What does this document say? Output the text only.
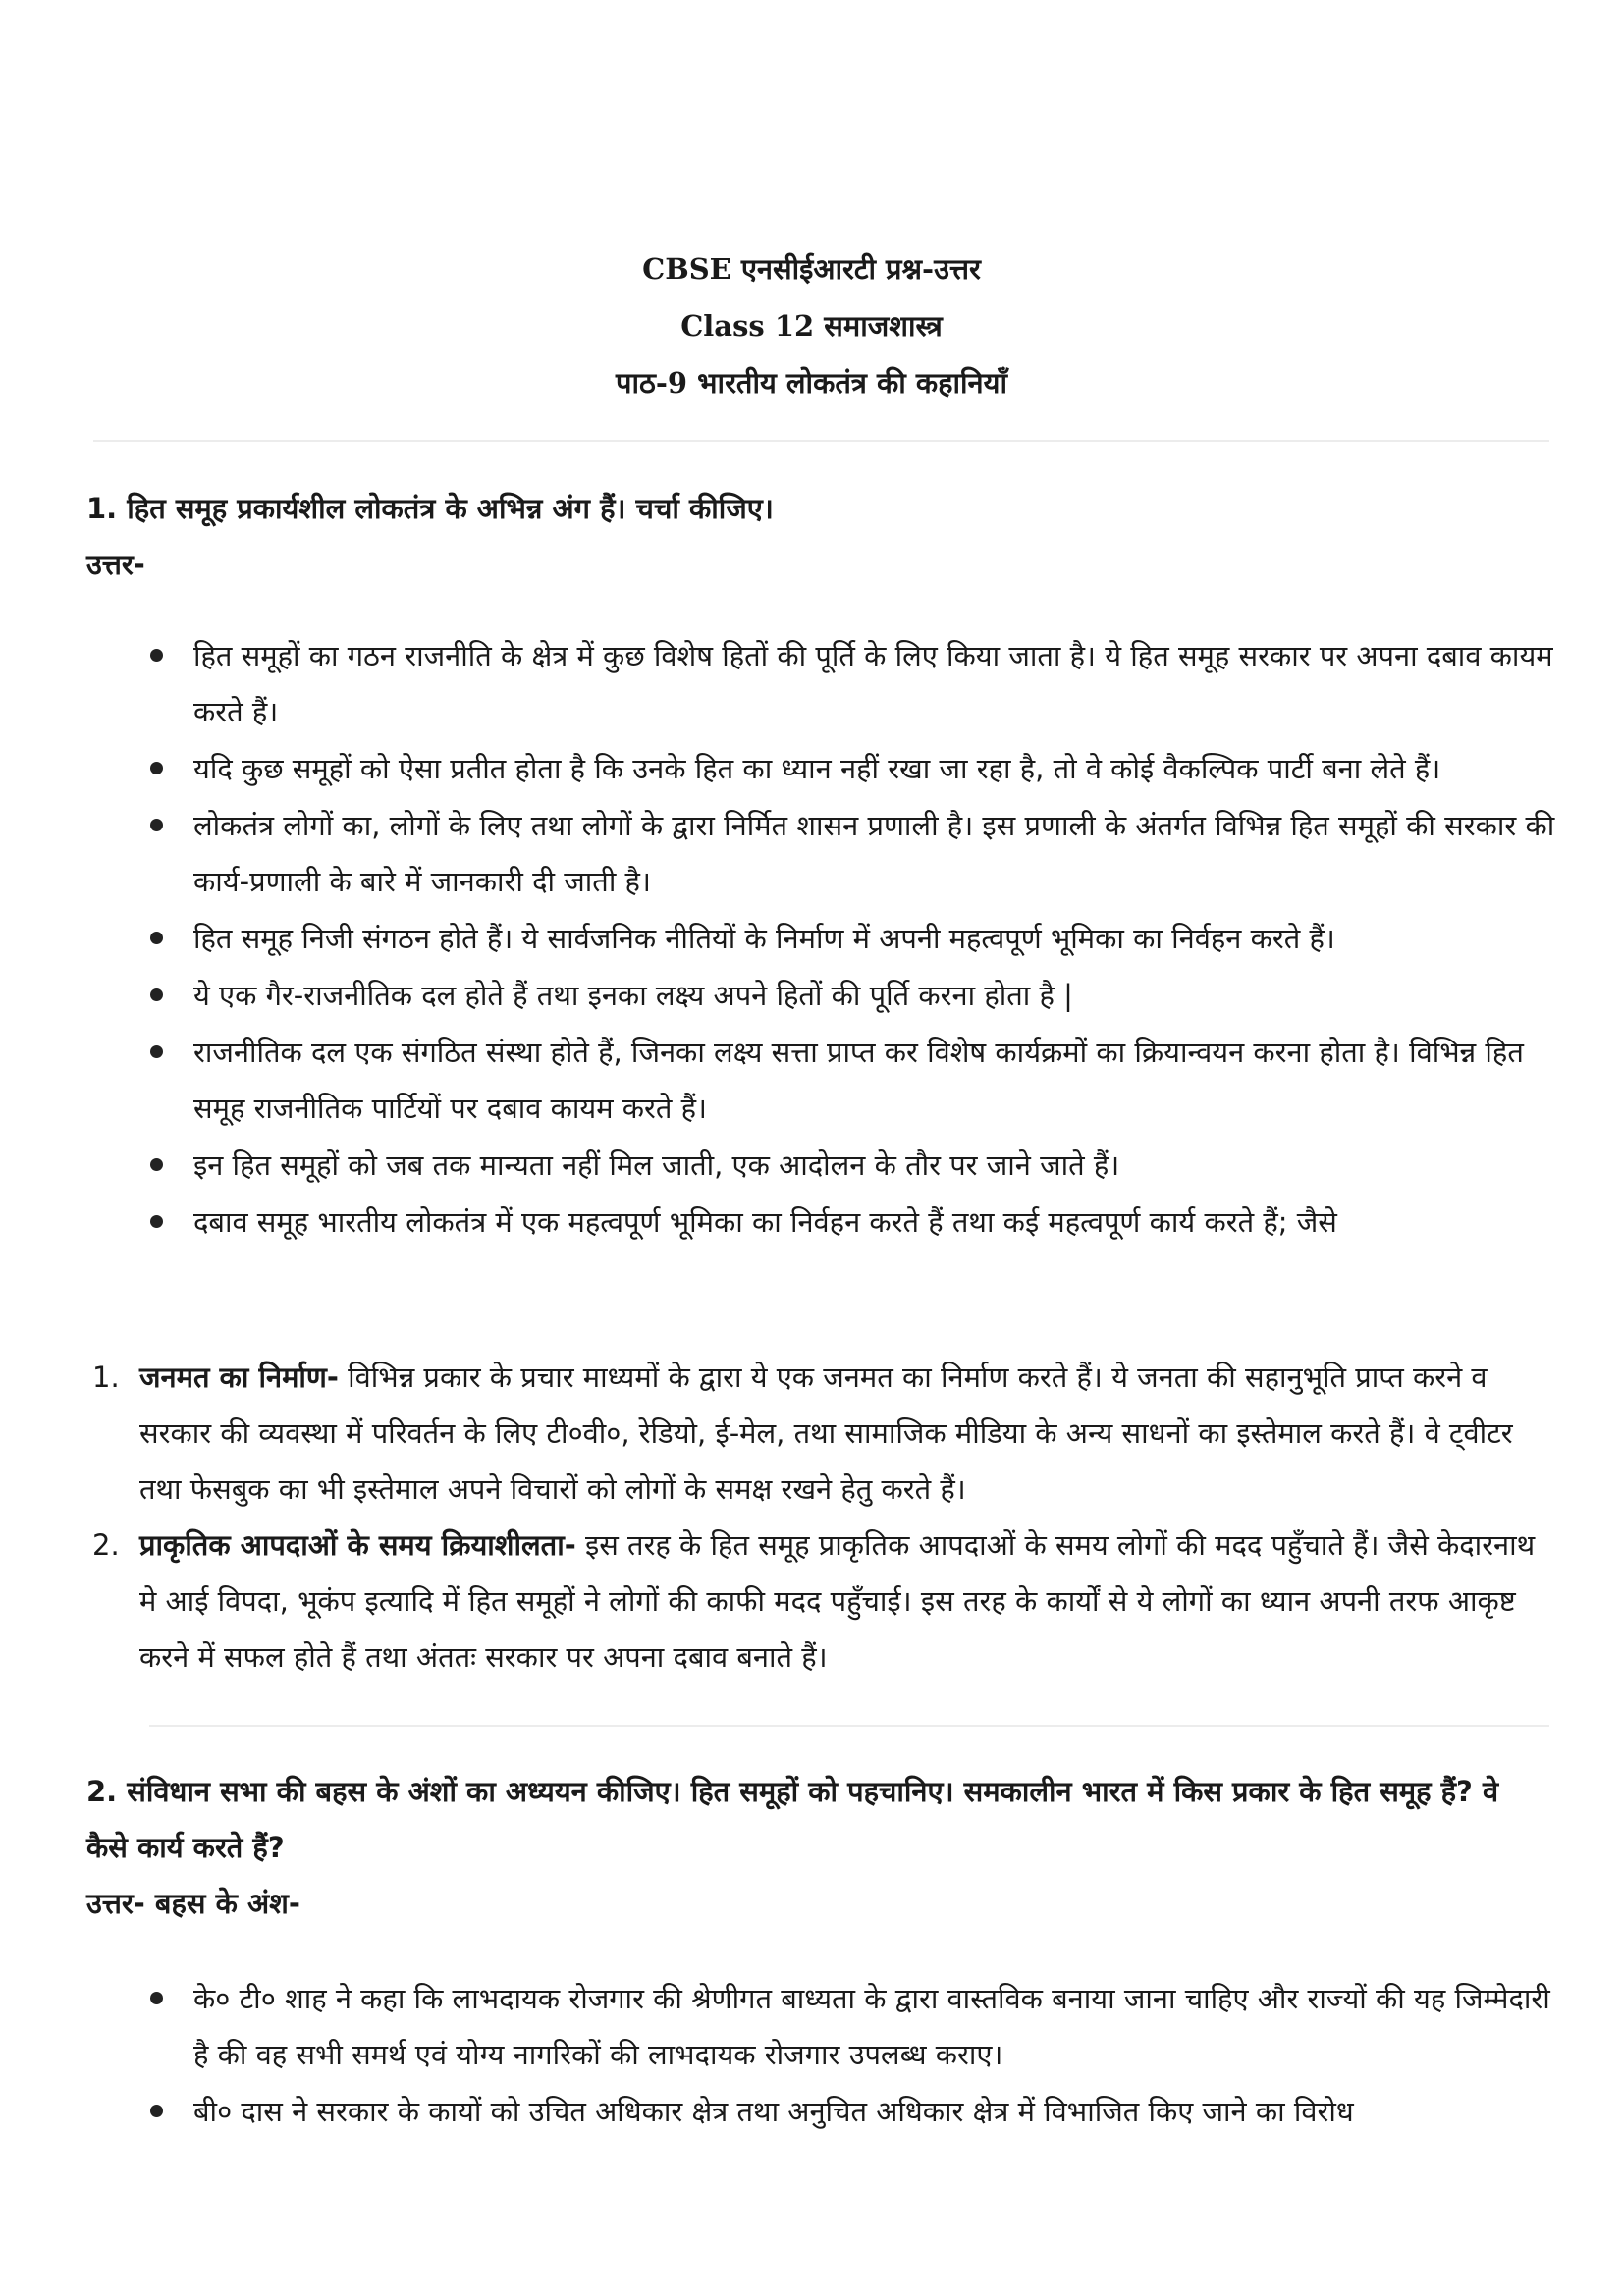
CBSE एनसीईआरटी प्रश्न-उत्तर
Class 12 समाजशास्त्र
पाठ-9 भारतीय लोकतंत्र की कहानियाँ
1. हित समूह प्रकार्यशील लोकतंत्र के अभिन्न अंग हैं। चर्चा कीजिए।
उत्तर-
हित समूहों का गठन राजनीति के क्षेत्र में कुछ विशेष हितों की पूर्ति के लिए किया जाता है। ये हित समूह सरकार पर अपना दबाव कायम करते हैं।
यदि कुछ समूहों को ऐसा प्रतीत होता है कि उनके हित का ध्यान नहीं रखा जा रहा है, तो वे कोई वैकल्पिक पार्टी बना लेते हैं।
लोकतंत्र लोगों का, लोगों के लिए तथा लोगों के द्वारा निर्मित शासन प्रणाली है। इस प्रणाली के अंतर्गत विभिन्न हित समूहों की सरकार की कार्य-प्रणाली के बारे में जानकारी दी जाती है।
हित समूह निजी संगठन होते हैं। ये सार्वजनिक नीतियों के निर्माण में अपनी महत्वपूर्ण भूमिका का निर्वहन करते हैं।
ये एक गैर-राजनीतिक दल होते हैं तथा इनका लक्ष्य अपने हितों की पूर्ति करना होता है |
राजनीतिक दल एक संगठित संस्था होते हैं, जिनका लक्ष्य सत्ता प्राप्त कर विशेष कार्यक्रमों का क्रियान्वयन करना होता है। विभिन्न हित समूह राजनीतिक पार्टियों पर दबाव कायम करते हैं।
इन हित समूहों को जब तक मान्यता नहीं मिल जाती, एक आदोलन के तौर पर जाने जाते हैं।
दबाव समूह भारतीय लोकतंत्र में एक महत्वपूर्ण भूमिका का निर्वहन करते हैं तथा कई महत्वपूर्ण कार्य करते हैं; जैसे
1. जनमत का निर्माण- विभिन्न प्रकार के प्रचार माध्यमों के द्वारा ये एक जनमत का निर्माण करते हैं। ये जनता की सहानुभूति प्राप्त करने व सरकार की व्यवस्था में परिवर्तन के लिए टी०वी०, रेडियो, ई-मेल, तथा सामाजिक मीडिया के अन्य साधनों का इस्तेमाल करते हैं। वे ट्वीटर तथा फेसबुक का भी इस्तेमाल अपने विचारों को लोगों के समक्ष रखने हेतु करते हैं।
2. प्राकृतिक आपदाओं के समय क्रियाशीलता- इस तरह के हित समूह प्राकृतिक आपदाओं के समय लोगों की मदद पहुँचाते हैं। जैसे केदारनाथ मे आई विपदा, भूकंप इत्यादि में हित समूहों ने लोगों की काफी मदद पहुँचाई। इस तरह के कार्यों से ये लोगों का ध्यान अपनी तरफ आकृष्ट करने में सफल होते हैं तथा अंततः सरकार पर अपना दबाव बनाते हैं।
2. संविधान सभा की बहस के अंशों का अध्ययन कीजिए। हित समूहों को पहचानिए। समकालीन भारत में किस प्रकार के हित समूह हैं? वे कैसे कार्य करते हैं?
उत्तर- बहस के अंश-
के० टी० शाह ने कहा कि लाभदायक रोजगार की श्रेणीगत बाध्यता के द्वारा वास्तविक बनाया जाना चाहिए और राज्यों की यह जिम्मेदारी है की वह सभी समर्थ एवं योग्य नागरिकों की लाभदायक रोजगार उपलब्ध कराए।
बी० दास ने सरकार के कायों को उचित अधिकार क्षेत्र तथा अनुचित अधिकार क्षेत्र में विभाजित किए जाने का विरोध
